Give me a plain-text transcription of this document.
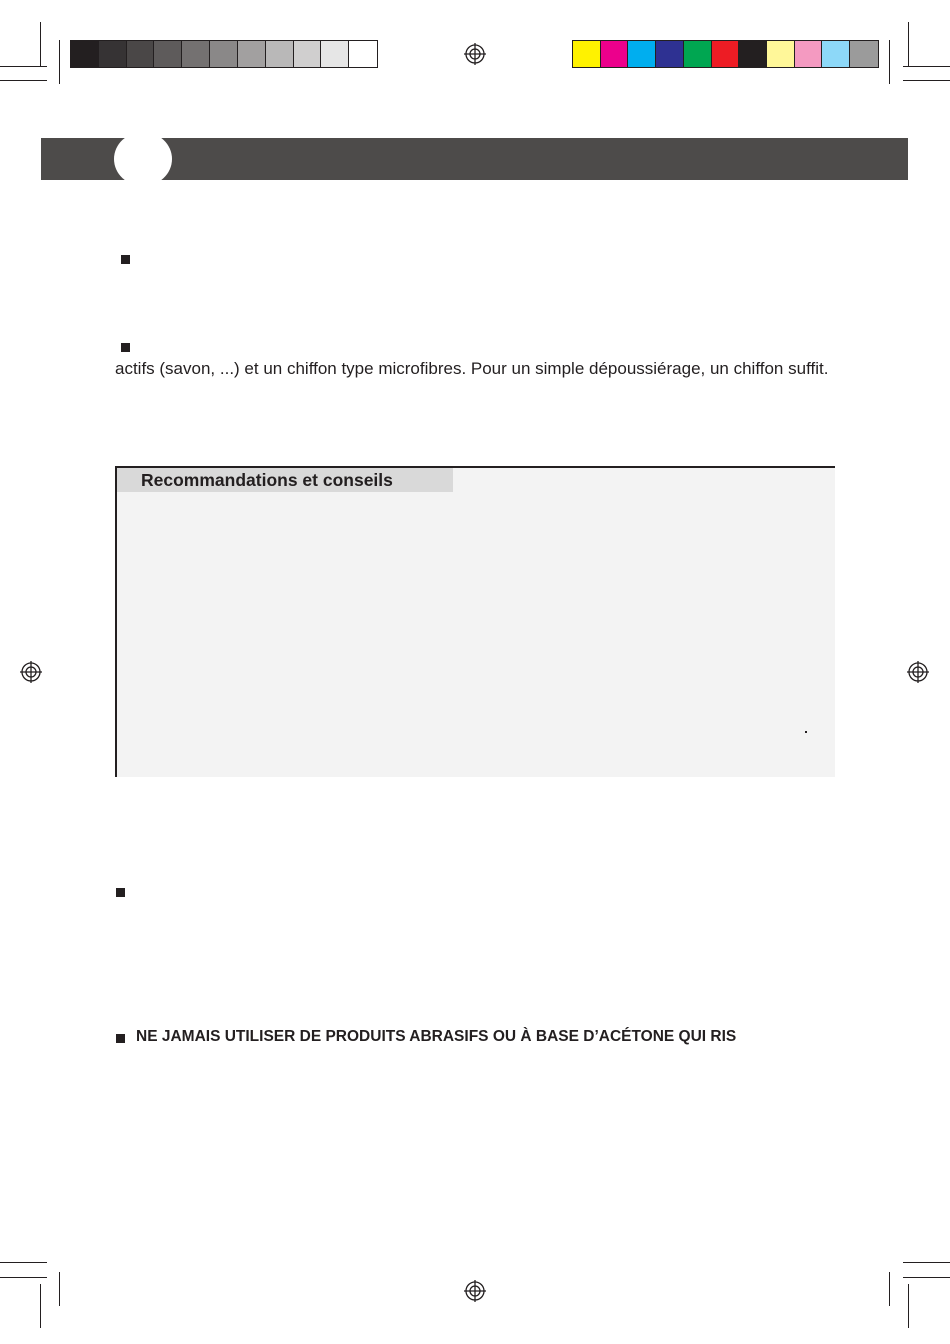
actifs (savon, ...) et un chiffon type microfibres. Pour un simple dépoussiérage, un chiffon suffit.
Recommandations et conseils
NE JAMAIS UTILISER DE PRODUITS ABRASIFS OU À BASE D’ACÉTONE QUI RIS
